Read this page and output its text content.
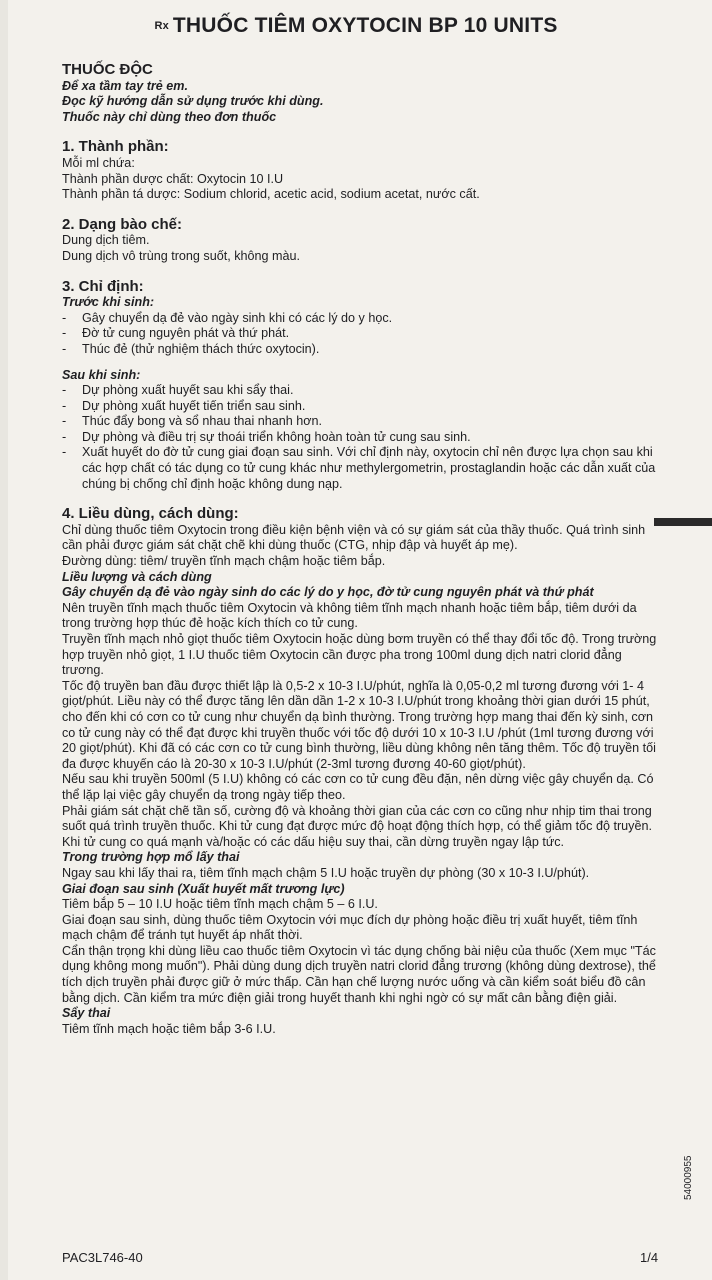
Rx THUỐC TIÊM OXYTOCIN BP 10 UNITS
THUỐC ĐỘC

Để xa tầm tay trẻ em.

Đọc kỹ hướng dẫn sử dụng trước khi dùng.

Thuốc này chỉ dùng theo đơn thuốc

1. Thành phần:

Mỗi ml chứa:

Thành phần dược chất: Oxytocin 10 I.U

Thành phần tá dược: Sodium chlorid, acetic acid, sodium acetat, nước cất.

2. Dạng bào chế:

Dung dịch tiêm.

Dung dịch vô trùng trong suốt, không màu.

3. Chỉ định:

Trước khi sinh:

- Gây chuyển dạ đẻ vào ngày sinh khi có các lý do y học.
- Đờ tử cung nguyên phát và thứ phát.
- Thúc đẻ (thử nghiệm thách thức oxytocin).

Sau khi sinh:

- Dự phòng xuất huyết sau khi sẩy thai.
- Dự phòng xuất huyết tiến triển sau sinh.
- Thúc đẩy bong và sổ nhau thai nhanh hơn.
- Dự phòng và điều trị sự thoái triển không hoàn toàn tử cung sau sinh.
- Xuất huyết do đờ tử cung giai đoạn sau sinh. Với chỉ định này, oxytocin chỉ nên được lựa chọn sau khi các hợp chất có tác dụng co tử cung khác như methylergometrin, prostaglandin hoặc các dẫn xuất của chúng bị chống chỉ định hoặc không dung nạp.
4. Liều dùng, cách dùng:

Chỉ dùng thuốc tiêm Oxytocin trong điều kiện bệnh viện và có sự giám sát của thầy thuốc. Quá trình sinh cần phải được giám sát chặt chẽ khi dùng thuốc (CTG, nhịp đập và huyết áp mẹ).

Đường dùng: tiêm/ truyền tĩnh mạch chậm hoặc tiêm bắp.

Liều lượng và cách dùng

Gây chuyển dạ đẻ vào ngày sinh do các lý do y học, đờ tử cung nguyên phát và thứ phát

Nên truyền tĩnh mạch thuốc tiêm Oxytocin và không tiêm tĩnh mạch nhanh hoặc tiêm bắp, tiêm dưới da trong trường hợp thúc đẻ hoặc kích thích co tử cung.

Truyền tĩnh mạch nhỏ giọt thuốc tiêm Oxytocin hoặc dùng bơm truyền có thể thay đổi tốc độ. Trong trường hợp truyền nhỏ giọt, 1 I.U thuốc tiêm Oxytocin cần được pha trong 100ml dung dịch natri clorid đẳng trương.

Tốc độ truyền ban đầu được thiết lập là 0,5-2 x 10-3 I.U/phút, nghĩa là 0,05-0,2 ml tương đương với 1- 4 giọt/phút. Liều này có thể được tăng lên dần dần 1-2 x 10-3 I.U/phút trong khoảng thời gian dưới 15 phút, cho đến khi có cơn co tử cung như chuyển dạ bình thường. Trong trường hợp mang thai đến kỳ sinh, cơn co tử cung này có thể đạt được khi truyền thuốc với tốc độ dưới 10 x 10-3 I.U /phút (1ml tương đương với 20 giọt/phút). Khi đã có các cơn co tử cung bình thường, liều dùng không nên tăng thêm. Tốc độ truyền tối đa được khuyến cáo là 20-30 x 10-3 I.U/phút (2-3ml tương đương 40-60 giọt/phút).

Nếu sau khi truyền 500ml (5 I.U) không có các cơn co tử cung đều đặn, nên dừng việc gây chuyển dạ. Có thể lặp lại việc gây chuyển dạ trong ngày tiếp theo.

Phải giám sát chặt chẽ tần số, cường độ và khoảng thời gian của các cơn co cũng như nhịp tim thai trong suốt quá trình truyền thuốc. Khi tử cung đạt được mức độ hoạt động thích hợp, có thể giảm tốc độ truyền. Khi tử cung co quá mạnh và/hoặc có các dấu hiệu suy thai, cần dừng truyền ngay lập tức.

Trong trường hợp mổ lấy thai

Ngay sau khi lấy thai ra, tiêm tĩnh mạch chậm 5 I.U hoặc truyền dự phòng (30 x 10-3 I.U/phút).

Giai đoạn sau sinh (Xuất huyết mất trương lực)

Tiêm bắp 5 – 10 I.U hoặc tiêm tĩnh mạch chậm 5 – 6 I.U.

Giai đoạn sau sinh, dùng thuốc tiêm Oxytocin với mục đích dự phòng hoặc điều trị xuất huyết, tiêm tĩnh mạch chậm để tránh tụt huyết áp nhất thời.

Cẩn thận trọng khi dùng liều cao thuốc tiêm Oxytocin vì tác dụng chống bài niệu của thuốc (Xem mục "Tác dụng không mong muốn"). Phải dùng dung dịch truyền natri clorid đẳng trương (không dùng dextrose), thể tích dịch truyền phải được giữ ở mức thấp. Cần hạn chế lượng nước uống và cần kiểm soát biểu đồ cân bằng dịch. Cần kiểm tra mức điện giải trong huyết thanh khi nghi ngờ có sự mất cân bằng điện giải.

Sẩy thai

Tiêm tĩnh mạch hoặc tiêm bắp 3-6 I.U.

PAC3L746-40	1/4
54000955
